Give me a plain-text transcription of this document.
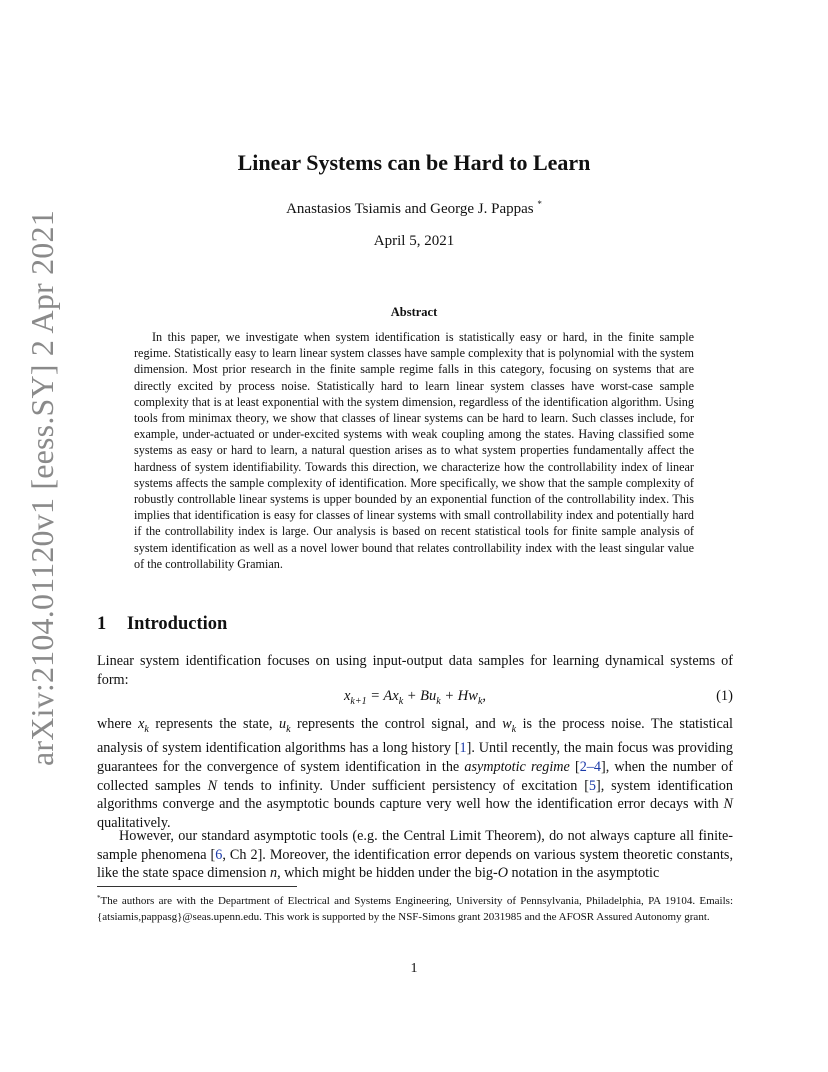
arXiv:2104.01120v1 [eess.SY] 2 Apr 2021
Linear Systems can be Hard to Learn
Anastasios Tsiamis and George J. Pappas *
April 5, 2021
Abstract
In this paper, we investigate when system identification is statistically easy or hard, in the finite sample regime. Statistically easy to learn linear system classes have sample complexity that is polynomial with the system dimension. Most prior research in the finite sample regime falls in this category, focusing on systems that are directly excited by process noise. Statistically hard to learn linear system classes have worst-case sample complexity that is at least exponential with the system dimension, regardless of the identification algorithm. Using tools from minimax theory, we show that classes of linear systems can be hard to learn. Such classes include, for example, under-actuated or under-excited systems with weak coupling among the states. Having classified some systems as easy or hard to learn, a natural question arises as to what system properties fundamentally affect the hardness of system identifiability. Towards this direction, we characterize how the controllability index of linear systems affects the sample complexity of identification. More specifically, we show that the sample complexity of robustly controllable linear systems is upper bounded by an exponential function of the controllability index. This implies that identification is easy for classes of linear systems with small controllability index and potentially hard if the controllability index is large. Our analysis is based on recent statistical tools for finite sample analysis of system identification as well as a novel lower bound that relates controllability index with the least singular value of the controllability Gramian.
1 Introduction
Linear system identification focuses on using input-output data samples for learning dynamical systems of form:
$x_{k+1} = Ax_k + Bu_k + Hw_k$,	(1)
where $x_k$ represents the state, $u_k$ represents the control signal, and $w_k$ is the process noise. The statistical analysis of system identification algorithms has a long history [1]. Until recently, the main focus was providing guarantees for the convergence of system identification in the asymptotic regime [2–4], when the number of collected samples N tends to infinity. Under sufficient persistency of excitation [5], system identification algorithms converge and the asymptotic bounds capture very well how the identification error decays with N qualitatively.
However, our standard asymptotic tools (e.g. the Central Limit Theorem), do not always capture all finite-sample phenomena [6, Ch 2]. Moreover, the identification error depends on various system theoretic constants, like the state space dimension n, which might be hidden under the big-O notation in the asymptotic
*The authors are with the Department of Electrical and Systems Engineering, University of Pennsylvania, Philadelphia, PA 19104. Emails: {atsiamis,pappasg}@seas.upenn.edu. This work is supported by the NSF-Simons grant 2031985 and the AFOSR Assured Autonomy grant.
1
